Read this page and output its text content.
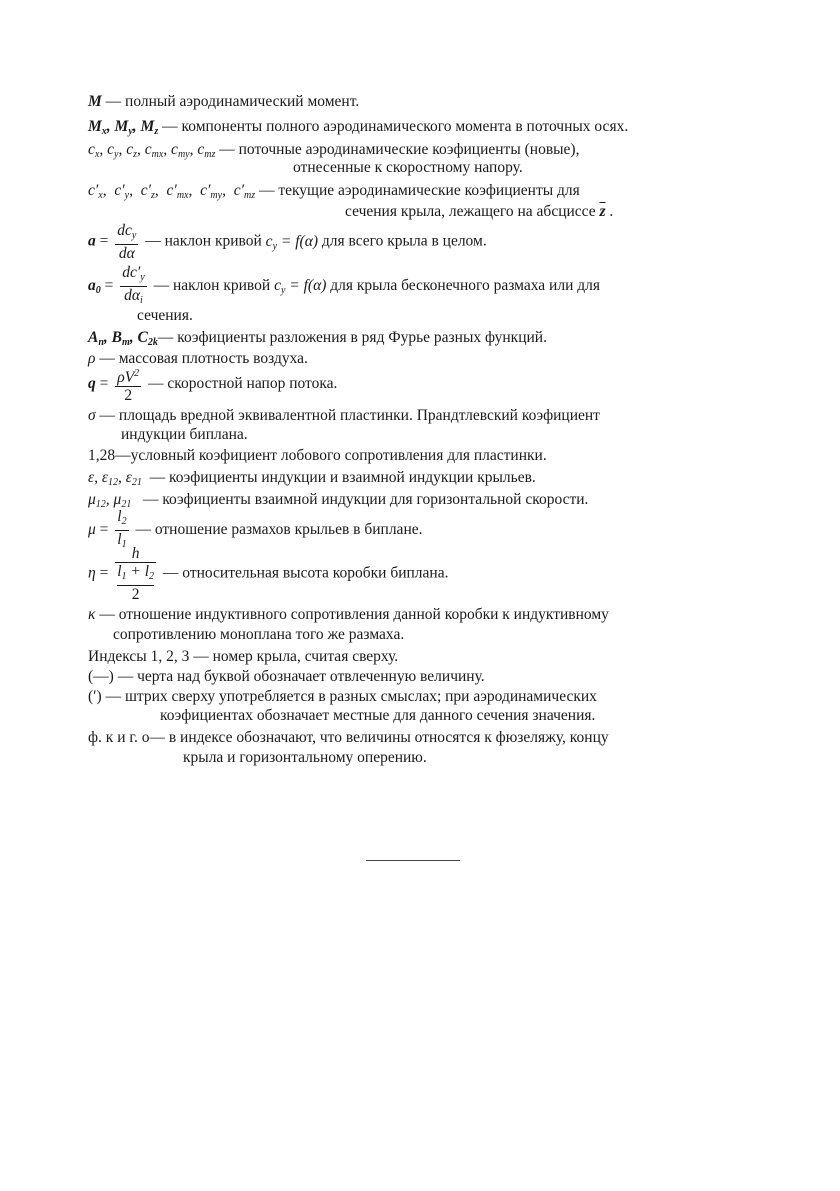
M — полный аэродинамический момент.
$M_x$, $M_y$, $M_z$ — компоненты полного аэродинамического момента в поточных осях.
$c_x$, $c_y$, $c_z$, $c_{mx}$, $c_{my}$, $c_{mz}$ — поточные аэродинамические коэфициенты (новые),
отнесенные к скоростному напору.
$c'_x$,  $c'_y$,  $c'_z$,  $c'_{mx}$,  $c'_{my}$,  $c'_{mz}$ — текущие аэродинамические коэфициенты для
сечения крыла, лежащего на абсциссе $\overline{z}$ .
$a = \frac{dc_y}{d\alpha}$ — наклон кривой $c_y = f(\alpha)$ для всего крыла в целом.
$a_0 = \frac{dc'_y}{d\alpha_i}$ — наклон кривой $c_y = f(\alpha)$ для крыла бесконечного размаха или для
сечения.
$A_n$, $B_m$, $C_{2k}—$ коэфициенты разложения в ряд Фурье разных функций.
ρ — массовая плотность воздуха.
$q = \frac{\rho V^2}{2}$ — скоростной напор потока.
σ — площадь вредной эквивалентной пластинки. Прандтлевский коэфициент
индукции биплана.
1,28—условный коэфициент лобового сопротивления для пластинки.
ε, $\varepsilon_{12}$, $\varepsilon_{21}$ — коэфициенты индукции и взаимной индукции крыльев.
$\mu_{12}$, $\mu_{21}$ — коэфициенты взаимной индукции для горизонтальной скорости.
$\mu = \frac{l_2}{l_1}$ — отношение размахов крыльев в биплане.
η = h
$l_1 + l_2$
2 — относительная высота коробки биплана.
κ — отношение индуктивного сопротивления данной коробки к индуктивному
сопротивлению моноплана того же размаха.
Индексы 1, 2, 3 — номер крыла, считая сверху.
(—) — черта над буквой обозначает отвлеченную величину.
(′) — штрих сверху употребляется в разных смыслах; при аэродинамических
коэфициентах обозначает местные для данного сечения значения.
ф. к и г. о— в индексе обозначают, что величины относятся к фюзеляжу, концу
крыла и горизонтальному оперению.
